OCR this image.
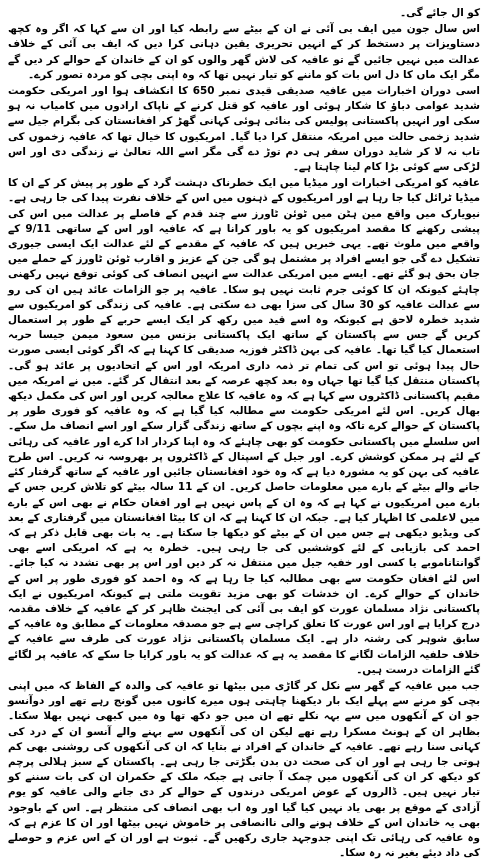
کو ال جائے گی۔

اس سال جون میں ایف بی آئی نے ان کے بیٹے سے رابطہ کیا اور ان سے کہا کہ اگر وہ کچھ دستاویزات پر دستخط کر کے انہیں تحریری یقین دہانی کرا دیں کہ ایف بی آئی کے خلاف عدالت میں نہیں جائیں گے تو عافیہ کی لاش گھر والوں کو ان کے خاندان کے حوالے کر دیں گے مگر ایک ماں کا دل اس بات کو ماننے کو تیار نہیں تھا کہ وہ اپنی بچی کو مردہ تصور کرے۔

اسی دوران اخبارات میں عافیہ صدیقی قیدی نمبر 650 کا انکشاف ہوا اور امریکی حکومت شدید عوامی دباؤ کا شکار ہوئی اور عافیہ کو قتل کرنے کے ناپاک ارادوں میں کامیاب نہ ہو سکی اور انہیں پاکستانی پولیس کی بنائی ہوئی کہانی گھڑ کر افغانستان کی بگرام جیل سے شدید زخمی حالت میں امریکہ منتقل کرا دیا گیا۔ امریکیوں کا خیال تھا کہ عافیہ زخموں کی تاب نہ لا کر شاید دوران سفر ہی دم توڑ دے گی مگر اسے اللہ تعالیٰ نے زندگی دی اور اس لڑکی سے کوئی بڑا کام لینا چاہتا ہے۔

عافیہ کو امریکی اخبارات اور میڈیا میں ایک خطرناک دہشت گرد کے طور پر پیش کر کے ان کا میڈیا ٹرائل کیا جا رہا ہے اور امریکیوں کے ذہنوں میں اس کے خلاف نفرت پیدا کی جا رہی ہے۔ نیویارک میں واقع مین ہٹن میں ٹوئن ٹاورز سے چند قدم کے فاصلے پر عدالت میں اس کی پیشی رکھنے کا مقصد امریکیوں کو یہ باور کرانا ہے کہ عافیہ اور اس کے ساتھی 9/11 کے واقعے میں ملوث تھے۔ یہی خبریں ہیں کہ عافیہ کے مقدمے کے لئے عدالت ایک ایسی جیوری تشکیل دے گی جو ایسے افراد پر مشتمل ہو گی جن کے عزیز و اقارب ٹوئن ٹاورز کے حملے میں جان بحق ہو گئے تھے۔ ایسے میں امریکی عدالت سے انہیں انصاف کی کوئی توقع نہیں رکھنی چاہئے کیونکہ ان کا کوئی جرم ثابت نہیں ہو سکا۔ عافیہ پر جو الزامات عائد ہیں ان کی رو سے عدالت عافیہ کو 30 سال کی سزا بھی دے سکتی ہے۔ عافیہ کی زندگی کو امریکیوں سے شدید خطرہ لاحق ہے کیونکہ وہ اسے قید میں رکھ کر ایک ایسے حربے کے طور پر استعمال کریں گے جس سے پاکستان کے ساتھ ایک پاکستانی بزنس مین سعود میمن جیسا حربہ استعمال کیا گیا تھا۔ عافیہ کی بہن ڈاکٹر فوزیہ صدیقی کا کہنا ہے کہ اگر کوئی ایسی صورت حال پیدا ہوئی تو اس کی تمام تر ذمہ داری امریکہ اور اس کے اتحادیوں پر عائد ہو گی۔ پاکستان منتقل کیا گیا تھا جہاں وہ بعد کچھ عرصہ کے بعد انتقال کر گئے۔ میں نے امریکہ میں مقیم پاکستانی ڈاکٹروں سے کہا ہے کہ وہ عافیہ کا علاج معالجہ کریں اور اس کی مکمل دیکھ بھال کریں۔ اس لئے امریکی حکومت سے مطالبہ کیا گیا ہے کہ وہ عافیہ کو فوری طور پر پاکستان کے حوالے کرے تاکہ وہ اپنے بچوں کے ساتھ زندگی گزار سکے اور اسے انصاف مل سکے۔ اس سلسلے میں پاکستانی حکومت کو بھی چاہئے کہ وہ اپنا کردار ادا کرے اور عافیہ کی رہائی کے لئے ہر ممکن کوشش کرے۔ اور جیل کے اسپتال کے ڈاکٹروں پر بھروسہ نہ کریں۔ اس طرح عافیہ کی بہن کو یہ مشورہ دیا ہے کہ وہ خود افغانستان جائیں اور عافیہ کے ساتھ گرفتار کئے جانے والے بیٹے کے بارے میں معلومات حاصل کریں۔ ان کے 11 سالہ بیٹے کو تلاش کریں جس کے بارے میں امریکیوں نے کہا ہے کہ وہ ان کے پاس نہیں ہے اور افغان حکام نے بھی اس کے بارے میں لاعلمی کا اظہار کیا ہے۔ جبکہ ان کا کہنا ہے کہ ان کا بیٹا افغانستان میں گرفتاری کے بعد کی ویڈیو دیکھی ہے جس میں ان کے بیٹے کو دیکھا جا سکتا ہے۔ یہ بات بھی قابل ذکر ہے کہ احمد کی بازیابی کے لئے کوششیں کی جا رہی ہیں۔ خطرہ یہ ہے کہ امریکی اسے بھی گوانتاناموبے یا کسی اور خفیہ جیل میں منتقل نہ کر دیں اور اس پر بھی تشدد نہ کیا جائے۔ اس لئے افغان حکومت سے بھی مطالبہ کیا جا رہا ہے کہ وہ احمد کو فوری طور پر اس کے خاندان کے حوالے کرے۔ ان خدشات کو بھی مزید تقویت ملتی ہے کیونکہ امریکیوں نے ایک پاکستانی نژاد مسلمان عورت کو ایف بی آئی کی ایجنٹ ظاہر کر کے عافیہ کے خلاف مقدمہ درج کرایا ہے اور اس عورت کا تعلق کراچی سے ہے جو مصدقہ معلومات کے مطابق وہ عافیہ کے سابق شوہر کی رشتہ دار ہے۔ ایک مسلمان پاکستانی نژاد عورت کی طرف سے عافیہ کے خلاف حلفیہ الزامات لگانے کا مقصد یہ ہے کہ عدالت کو یہ باور کرایا جا سکے کہ عافیہ پر لگائے گئے الزامات درست ہیں۔

جب میں عافیہ کے گھر سے نکل کر گاڑی میں بیٹھا تو عافیہ کی والدہ کے الفاظ کہ میں اپنی بچی کو مرنے سے پہلے ایک بار دیکھنا چاہتی ہوں میرے کانوں میں گونج رہے تھے اور دوآنسو جو ان کے آنکھوں میں سے بہہ نکلے تھے ان میں جو دکھ تھا وہ میں کبھی نہیں بھلا سکتا۔ بظاہر ان کے ہونٹ مسکرا رہے تھے لیکن ان کی آنکھوں سے بہنے والے آنسو ان کے درد کی کہانی سنا رہے تھے۔ عافیہ کے خاندان کے افراد نے بتایا کہ ان کی آنکھوں کی روشنی بھی کم ہوتی جا رہی ہے اور ان کی صحت دن بدن بگڑتی جا رہی ہے۔ پاکستان کے سبز ہلالی پرچم کو دیکھ کر ان کی آنکھوں میں چمک آ جاتی ہے جبکہ ملک کے حکمران ان کی بات سننے کو تیار نہیں ہیں۔ ڈالروں کے عوض امریکی درندوں کے حوالے کر دی جانے والی عافیہ کو یوم آزادی کے موقع پر بھی یاد نہیں کیا گیا اور وہ اب بھی انصاف کی منتظر ہے۔ اس کے باوجود بھی یہ خاندان اس کے خلاف ہونے والی ناانصافی پر خاموش نہیں بیٹھا اور ان کا عزم ہے کہ وہ عافیہ کی رہائی تک اپنی جدوجہد جاری رکھیں گے۔ ثبوت ہے اور ان کے اس عزم و حوصلے کی داد دیئے بغیر نہ رہ سکا۔
